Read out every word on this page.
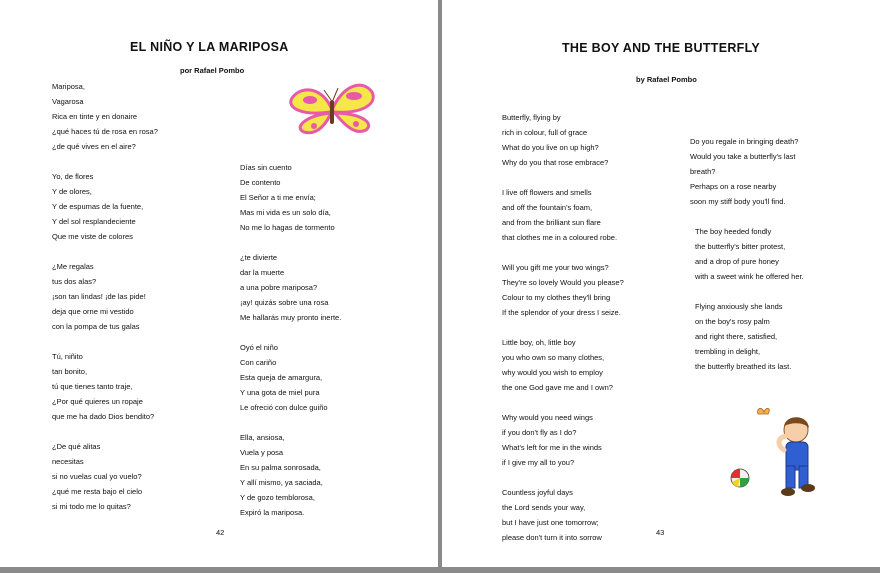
EL NIÑO Y LA MARIPOSA
por Rafael Pombo
Mariposa,
Vagarosa
Rica en tinte y en donaire
¿qué haces tú de rosa en rosa?
¿de qué vives en el aire?
Yo, de flores
Y de olores,
Y de espumas de la fuente,
Y del sol resplandeciente
Que me viste de colores
¿Me regalas
tus dos alas?
¡son tan lindas! ¡de las pide!
deja que orne mi vestido
con la pompa de tus galas
Tú, niñito
tan bonito,
tú que tienes tanto traje,
¿Por qué quieres un ropaje
que me ha dado Dios bendito?
¿De qué alitas
necesitas
si no vuelas cual yo vuelo?
¿qué me resta bajo el cielo
si mi todo me lo quitas?
Días sin cuento
De contento
El Señor a ti me envía;
Mas mi vida es un solo día,
No me lo hagas de tormento
¿te divierte
dar la muerte
a una pobre mariposa?
¡ay! quizás sobre una rosa
Me hallarás muy pronto inerte.
Oyó el niño
Con cariño
Esta queja de amargura,
Y una gota de miel pura
Le ofreció con dulce guiño
Ella, ansiosa,
Vuela y posa
En su palma sonrosada,
Y allí mismo, ya saciada,
Y de gozo temblorosa,
Expiró la mariposa.
42
THE BOY AND THE BUTTERFLY
by Rafael Pombo
Butterfly, flying by
rich in colour, full of grace
What do you live on up high?
Why do you that rose embrace?
I live off flowers and smells
and off the fountain's foam,
and from the brilliant sun flare
that clothes me in a coloured robe.
Will you gift me your two wings?
They're so lovely Would you please?
Colour to my clothes they'll bring
If the splendor of your dress I seize.
Little boy, oh, little boy
you who own so many clothes,
why would you wish to employ
the one God gave me and I own?
Why would you need wings
if you don't fly as I do?
What's left for me in the winds
if I give my all to you?
Countless joyful days
the Lord sends your way,
but I have just one tomorrow;
please don't turn it into sorrow
Do you regale in bringing death?
Would you take a butterfly's last
breath?
Perhaps on a rose nearby
soon my stiff body you'll find.
The boy heeded fondly
the butterfly's bitter protest,
and a drop of pure honey
with a sweet wink he offered her.
Flying anxiously she lands
on the boy's rosy palm
and right there, satisfied,
trembling in delight,
the butterfly breathed its last.
43
